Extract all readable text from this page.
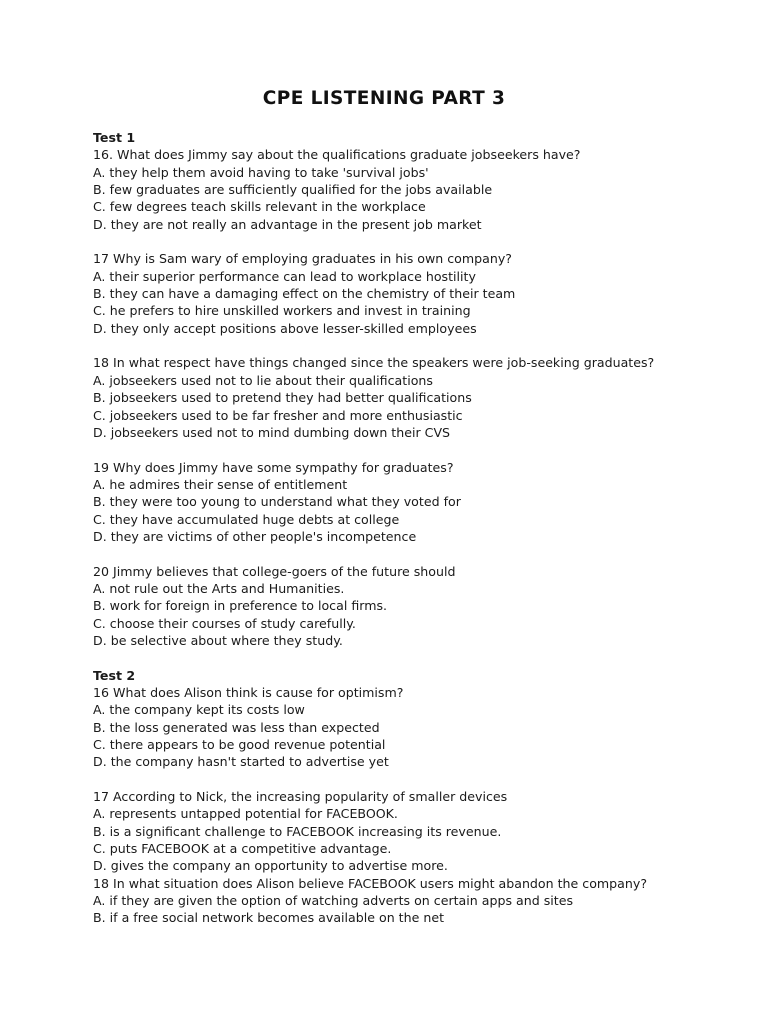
CPE LISTENING PART 3
Test 1
16. What does Jimmy say about the qualifications graduate jobseekers have?
A. they help them avoid having to take 'survival jobs'
B. few graduates are sufficiently qualified for the jobs available
C. few degrees teach skills relevant in the workplace
D. they are not really an advantage in the present job market
17 Why is Sam wary of employing graduates in his own company?
A. their superior performance can lead to workplace hostility
B. they can have a damaging effect on the chemistry of their team
C. he prefers to hire unskilled workers and invest in training
D. they only accept positions above lesser-skilled employees
18 In what respect have things changed since the speakers were job-seeking graduates?
A. jobseekers used not to lie about their qualifications
B. jobseekers used to pretend they had better qualifications
C. jobseekers used to be far fresher and more enthusiastic
D. jobseekers used not to mind dumbing down their CVS
19 Why does Jimmy have some sympathy for graduates?
A. he admires their sense of entitlement
B. they were too young to understand what they voted for
C. they have accumulated huge debts at college
D. they are victims of other people's incompetence
20 Jimmy believes that college-goers of the future should
A. not rule out the Arts and Humanities.
B. work for foreign in preference to local firms.
C. choose their courses of study carefully.
D. be selective about where they study.
Test 2
16 What does Alison think is cause for optimism?
A. the company kept its costs low
B. the loss generated was less than expected
C. there appears to be good revenue potential
D. the company hasn't started to advertise yet
17 According to Nick, the increasing popularity of smaller devices
A. represents untapped potential for FACEBOOK.
B. is a significant challenge to FACEBOOK increasing its revenue.
C. puts FACEBOOK at a competitive advantage.
D. gives the company an opportunity to advertise more.
18 In what situation does Alison believe FACEBOOK users might abandon the company?
A. if they are given the option of watching adverts on certain apps and sites
B. if a free social network becomes available on the net
